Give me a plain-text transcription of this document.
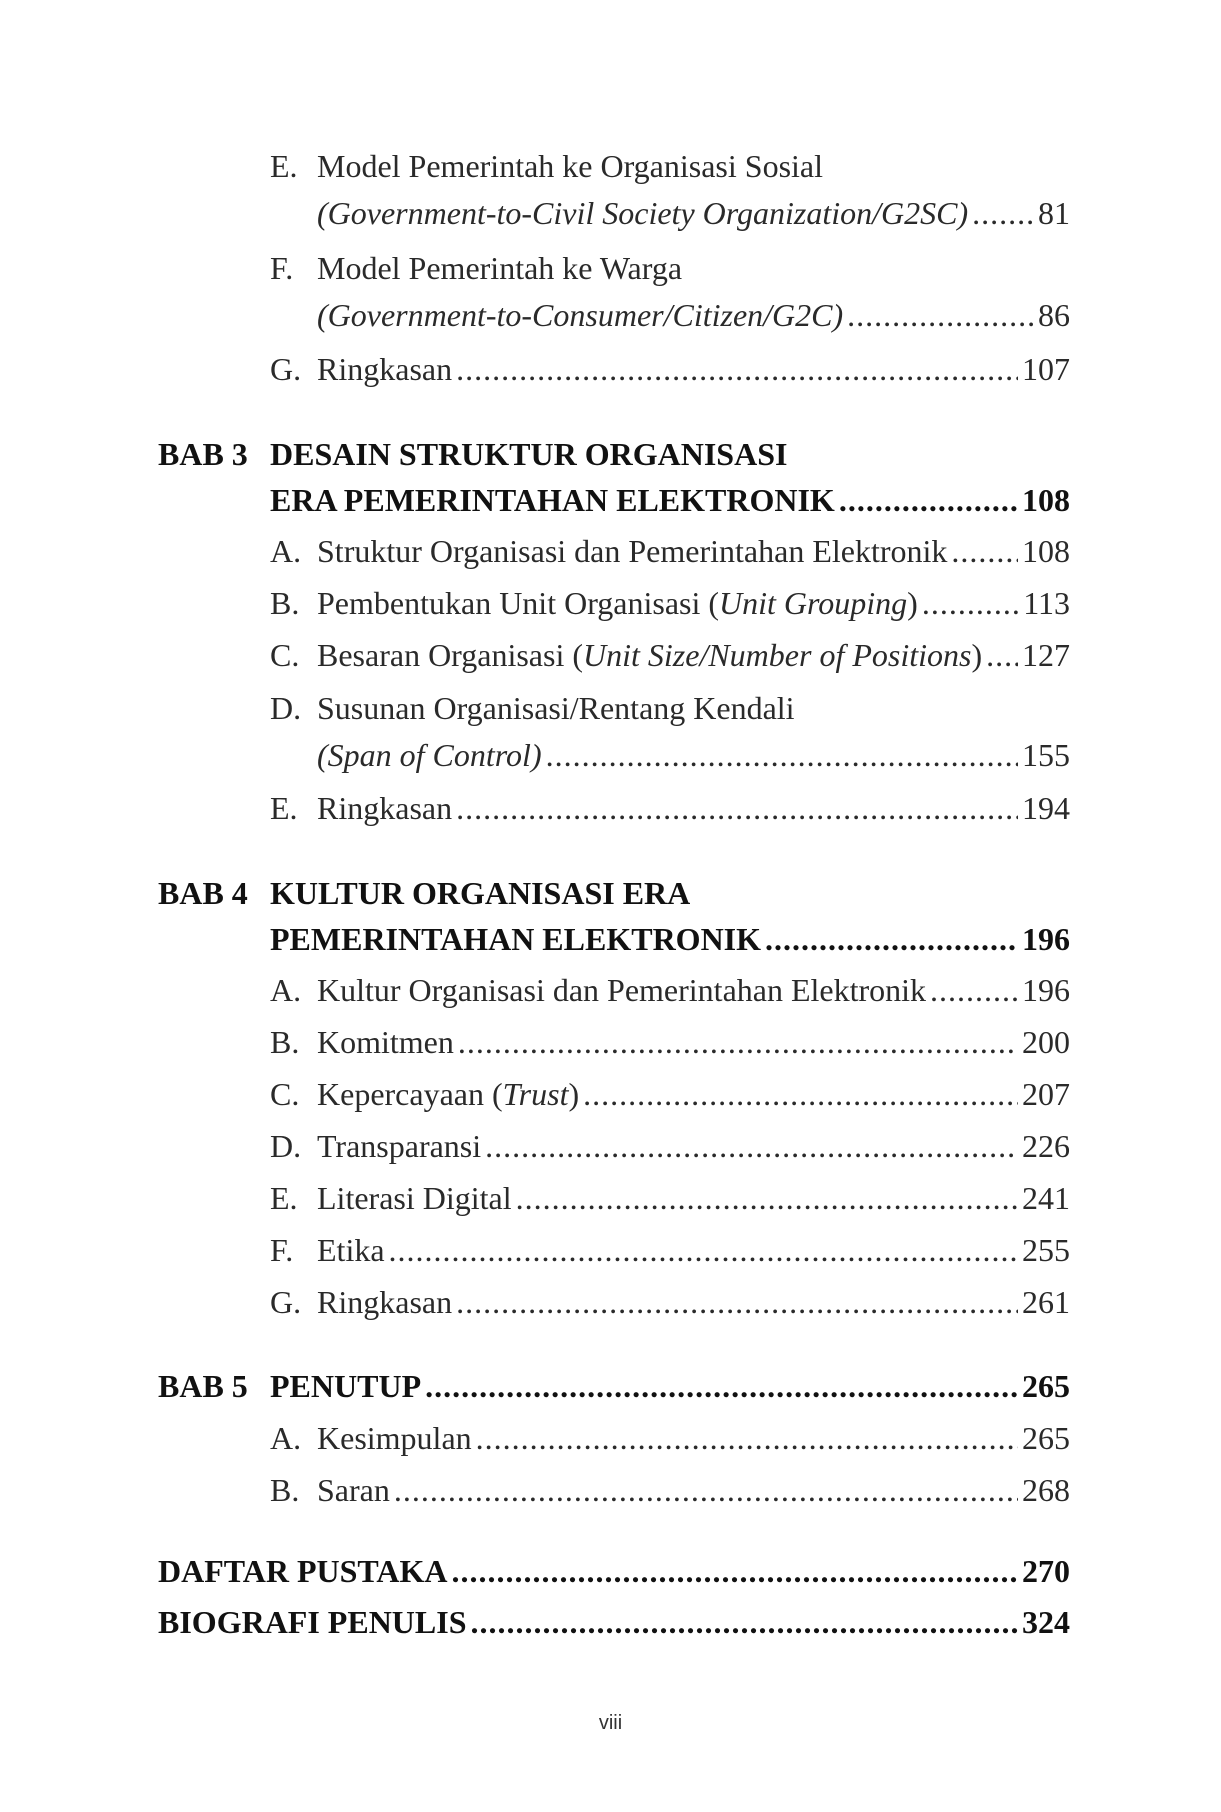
E. Model Pemerintah ke Organisasi Sosial
(Government-to-Civil Society Organization/G2SC) ..... 81
F. Model Pemerintah ke Warga
(Government-to-Consumer/Citizen/G2C) .....	86
G. Ringkasan .....	107
BAB 3 DESAIN STRUKTUR ORGANISASI
ERA PEMERINTAHAN ELEKTRONIK .....	108
A. Struktur Organisasi dan Pemerintahan Elektronik ..... 108
B. Pembentukan Unit Organisasi (Unit Grouping) .....	113
C. Besaran Organisasi (Unit Size/Number of Positions) ..... 127
D. Susunan Organisasi/Rentang Kendali
(Span of Control) .....	155
E. Ringkasan .....	194
BAB 4 KULTUR ORGANISASI ERA
PEMERINTAHAN ELEKTRONIK .....	196
A. Kultur Organisasi dan Pemerintahan Elektronik .....	196
B. Komitmen .....	200
C. Kepercayaan (Trust) .....	207
D. Transparansi .....	226
E. Literasi Digital .....	241
F. Etika .....	255
G. Ringkasan .....	261
BAB 5 PENUTUP .....	265
A. Kesimpulan .....	265
B. Saran .....	268
DAFTAR PUSTAKA .....	270
BIOGRAFI PENULIS .....	324
viii
